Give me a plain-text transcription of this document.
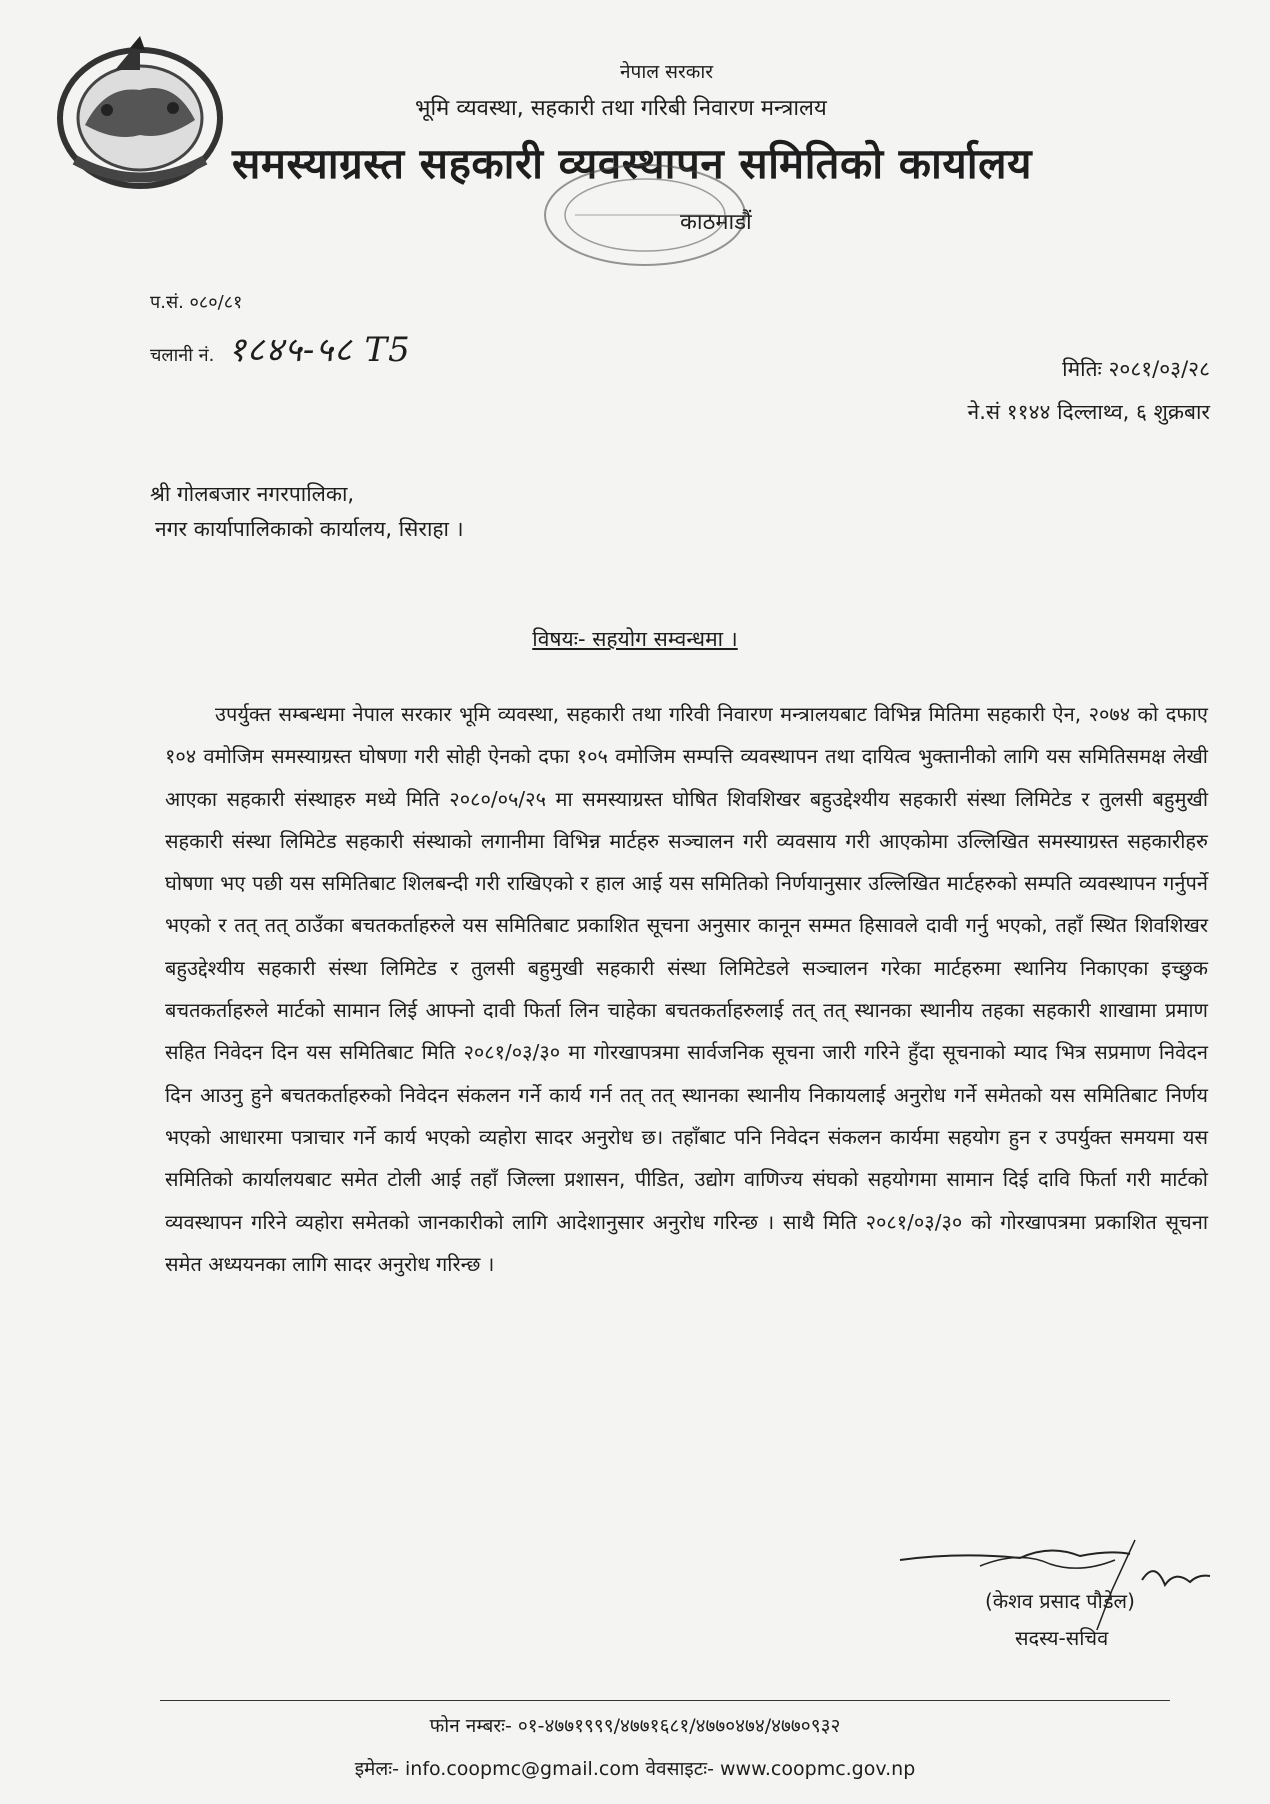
नेपाल सरकार
भूमि व्यवस्था, सहकारी तथा गरिबी निवारण मन्त्रालय
समस्याग्रस्त सहकारी व्यवस्थापन समितिको कार्यालय
काठमाडौं
प.सं. ०८०/८१
चलानी नं. १८४५-५८ T5	मितिः २०८१/०३/२८
ने.सं ११४४ दिल्लाथ्व, ६ शुक्रबार
श्री गोलबजार नगरपालिका,
नगर कार्यापालिकाको कार्यालय, सिराहा ।
विषयः- सहयोग सम्वन्धमा ।

उपर्युक्त सम्बन्धमा नेपाल सरकार भूमि व्यवस्था, सहकारी तथा गरिवी निवारण मन्त्रालयबाट विभिन्न मितिमा सहकारी ऐन, २०७४ को दफाए १०४ वमोजिम समस्याग्रस्त घोषणा गरी सोही ऐनको दफा १०५ वमोजिम सम्पत्ति व्यवस्थापन तथा दायित्व भुक्तानीको लागि यस समितिसमक्ष लेखी आएका सहकारी संस्थाहरु मध्ये मिति २०८०/०५/२५ मा समस्याग्रस्त घोषित शिवशिखर बहुउद्देश्यीय सहकारी संस्था लिमिटेड र तुलसी बहुमुखी सहकारी संस्था लिमिटेड सहकारी संस्थाको लगानीमा विभिन्न मार्टहरु सञ्चालन गरी व्यवसाय गरी आएकोमा उल्लिखित समस्याग्रस्त सहकारीहरु घोषणा भए पछी यस समितिबाट शिलबन्दी गरी राखिएको र हाल आई यस समितिको निर्णयानुसार उल्लिखित मार्टहरुको सम्पति व्यवस्थापन गर्नुपर्ने भएको र तत् तत् ठाउँका बचतकर्ताहरुले यस समितिबाट प्रकाशित सूचना अनुसार कानून सम्मत हिसावले दावी गर्नु भएको, तहाँ स्थित शिवशिखर बहुउद्देश्यीय सहकारी संस्था लिमिटेड र तुलसी बहुमुखी सहकारी संस्था लिमिटेडले सञ्चालन गरेका मार्टहरुमा स्थानिय निकाएका इच्छुक बचतकर्ताहरुले मार्टको सामान लिई आफ्नो दावी फिर्ता लिन चाहेका बचतकर्ताहरुलाई तत् तत् स्थानका स्थानीय तहका सहकारी शाखामा प्रमाण सहित निवेदन दिन यस समितिबाट मिति २०८१/०३/३० मा गोरखापत्रमा सार्वजनिक सूचना जारी गरिने हुँदा सूचनाको म्याद भित्र सप्रमाण निवेदन दिन आउनु हुने बचतकर्ताहरुको निवेदन संकलन गर्ने कार्य गर्न तत् तत् स्थानका स्थानीय निकायलाई अनुरोध गर्ने समेतको यस समितिबाट निर्णय भएको आधारमा पत्राचार गर्ने कार्य भएको व्यहोरा सादर अनुरोध छ। तहाँबाट पनि निवेदन संकलन कार्यमा सहयोग हुन र उपर्युक्त समयमा यस समितिको कार्यालयबाट समेत टोली आई तहाँ जिल्ला प्रशासन, पीडित, उद्योग वाणिज्य संघको सहयोगमा सामान दिई दावि फिर्ता गरी मार्टको व्यवस्थापन गरिने व्यहोरा समेतको जानकारीको लागि आदेशानुसार अनुरोध गरिन्छ । साथै मिति २०८१/०३/३० को गोरखापत्रमा प्रकाशित सूचना समेत अध्ययनका लागि सादर अनुरोध गरिन्छ ।

(केशव प्रसाद पौडेल)
सदस्य-सचिव
फोन नम्बरः- ०१-४७७१९९९/४७७१६८१/४७७०४७४/४७७०९३२
इमेलः- info.coopmc@gmail.com वेवसाइटः- www.coopmc.gov.np
